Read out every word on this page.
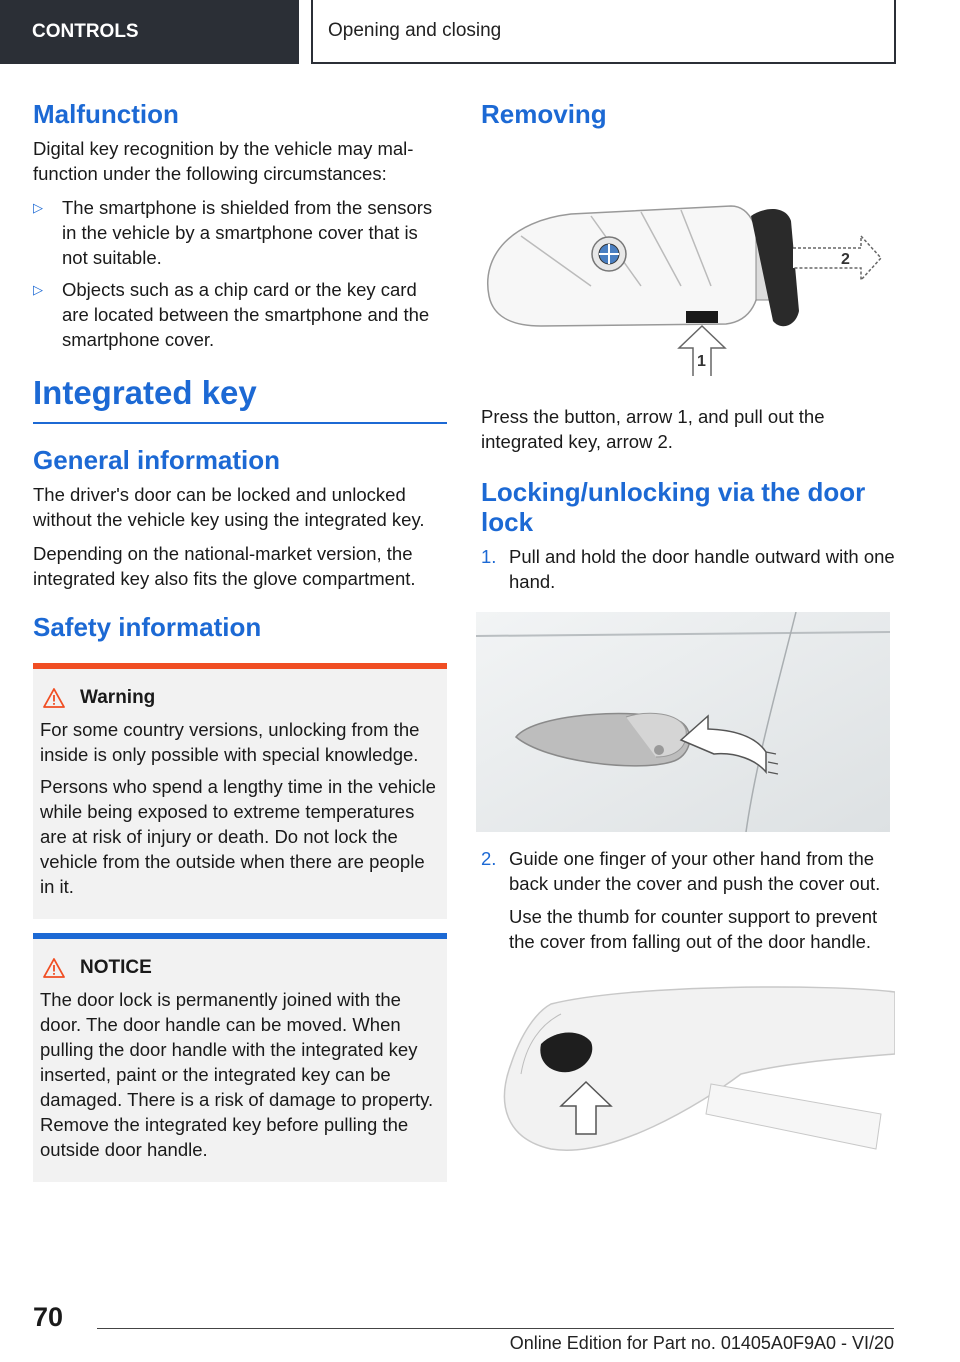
CONTROLS	Opening and closing
Malfunction

Digital key recognition by the vehicle may malfunction under the following circumstances:

▷ The smartphone is shielded from the sensors in the vehicle by a smartphone cover that is not suitable.
▷ Objects such as a chip card or the key card are located between the smartphone and the smartphone cover.
Integrated key
General information

The driver's door can be locked and unlocked without the vehicle key using the integrated key.

Depending on the national-market version, the integrated key also fits the glove compartment.

Safety information
Warning

For some country versions, unlocking from the inside is only possible with special knowledge.

Persons who spend a lengthy time in the vehicle while being exposed to extreme temperatures are at risk of injury or death. Do not lock the vehicle from the outside when there are people in it.

NOTICE

The door lock is permanently joined with the door. The door handle can be moved. When pulling the door handle with the integrated key inserted, paint or the integrated key can be damaged. There is a risk of damage to property. Remove the integrated key before pulling the outside door handle.

Removing
2
1

Press the button, arrow 1, and pull out the integrated key, arrow 2.

Locking/unlocking via the door lock
1. Pull and hold the door handle outward with one hand.
2. Guide one finger of your other hand from the back under the cover and push the cover out.

Use the thumb for counter support to prevent the cover from falling out of the door handle.

70
Online Edition for Part no. 01405A0F9A0 - VI/20
